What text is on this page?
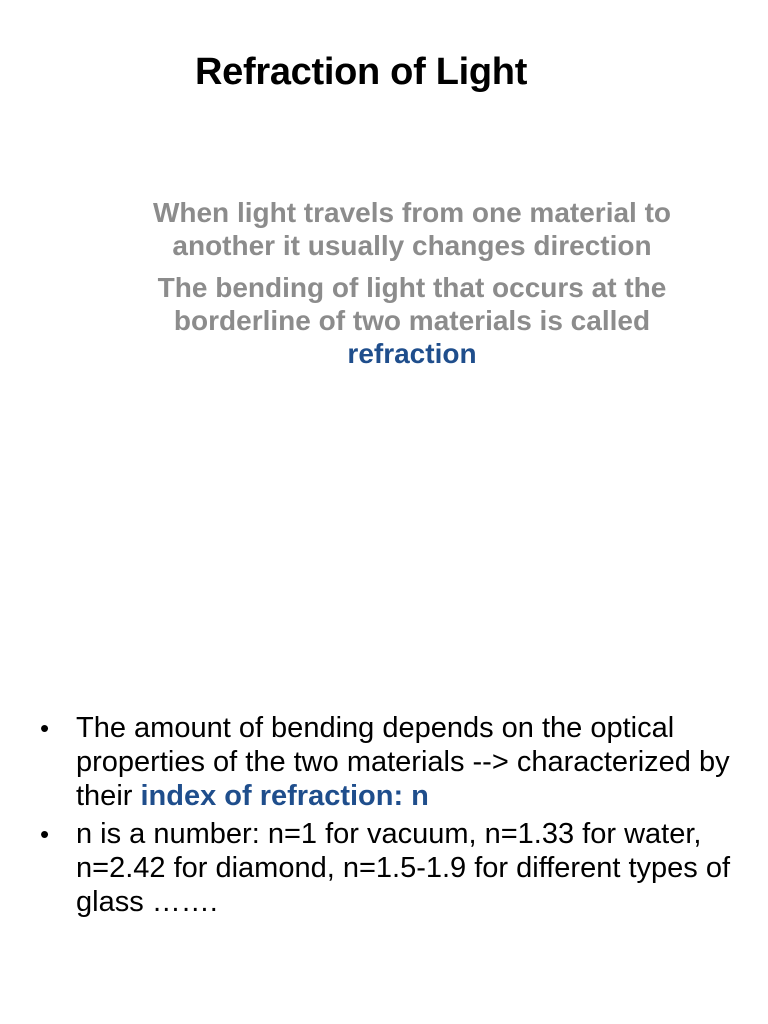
Refraction of Light

When light travels from one material to another it usually changes direction

The bending of light that occurs at the borderline of two materials is called refraction

• The amount of bending depends on the optical properties of the two materials --> characterized by their index of refraction: n
• n is a number: n=1 for vacuum, n=1.33 for water, n=2.42 for diamond, n=1.5-1.9 for different types of glass …….
